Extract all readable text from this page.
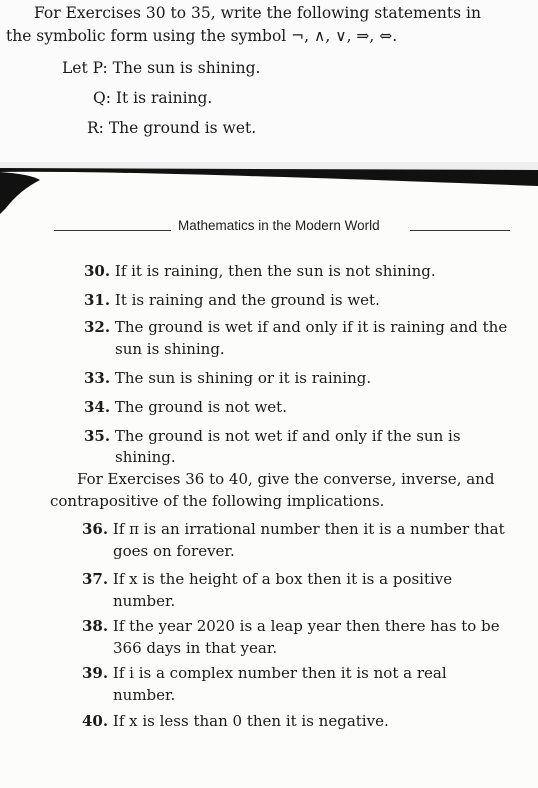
For Exercises 30 to 35, write the following statements in
the symbolic form using the symbol ¬, ∧, ∨, ⇒, ⇔.
Let P: The sun is shining.
Q: It is raining.
R: The ground is wet.
Mathematics in the Modern World
30. If it is raining, then the sun is not shining.
31. It is raining and the ground is wet.
32. The ground is wet if and only if it is raining and the
sun is shining.
33. The sun is shining or it is raining.
34. The ground is not wet.
35. The ground is not wet if and only if the sun is
shining.
For Exercises 36 to 40, give the converse, inverse, and
contrapositive of the following implications.
36. If π is an irrational number then it is a number that
goes on forever.
37. If x is the height of a box then it is a positive
number.
38. If the year 2020 is a leap year then there has to be
366 days in that year.
39. If i is a complex number then it is not a real
number.
40. If x is less than 0 then it is negative.
